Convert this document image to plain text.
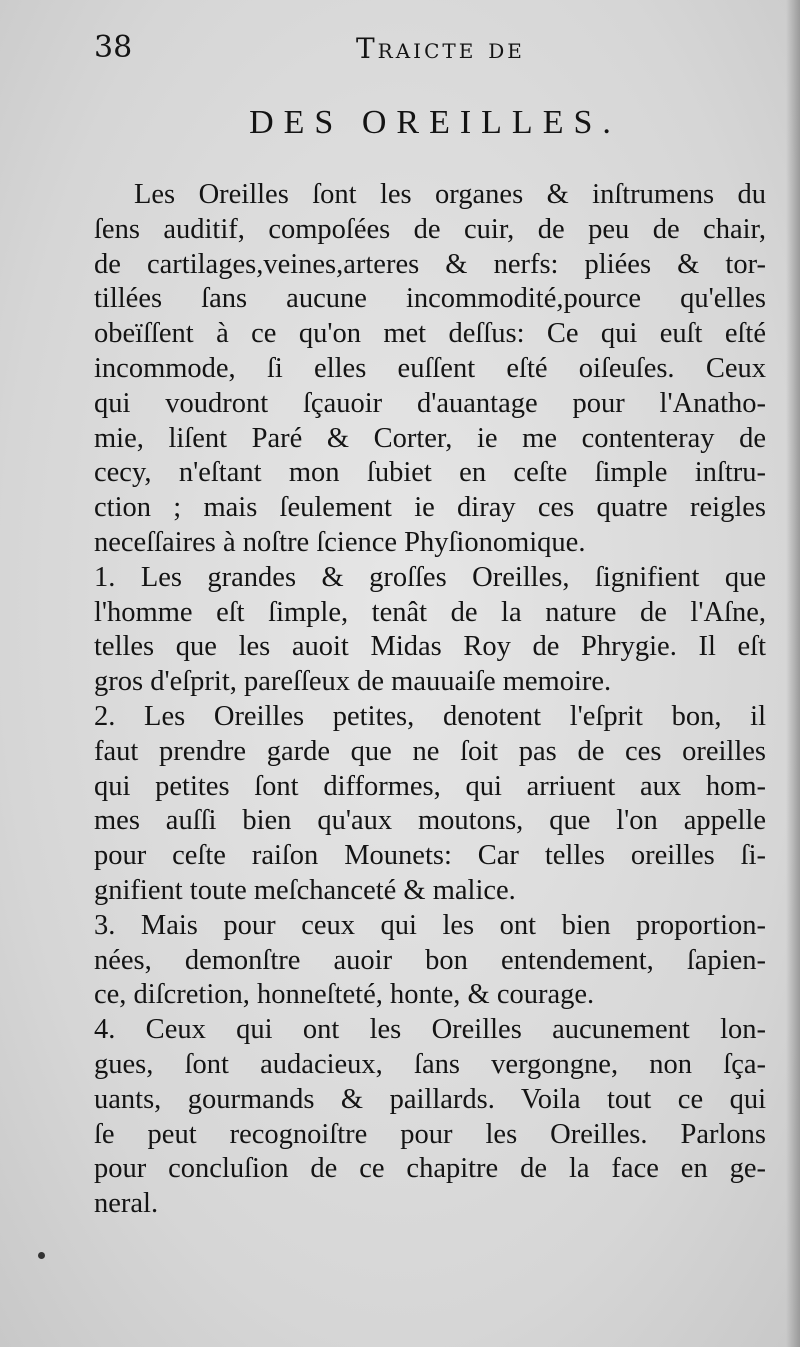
38	Traicte de
DES OREILLES.
Les Oreilles ſont les organes & inſtrumens du
ſens auditif, compoſées de cuir, de peu de chair,
de cartilages,veines,arteres & nerfs: pliées & tor-
tillées ſans aucune incommodité,pource qu'elles
obeïſſent à ce qu'on met deſſus: Ce qui euſt eſté
incommode, ſi elles euſſent eſté oiſeuſes. Ceux
qui voudront ſçauoir d'auantage pour l'Anatho-
mie, liſent Paré & Corter, ie me contenteray de
cecy, n'eſtant mon ſubiet en ceſte ſimple inſtru-
ction ; mais ſeulement ie diray ces quatre reigles
neceſſaires à noſtre ſcience Phyſionomique.
1. Les grandes & groſſes Oreilles, ſignifient que
l'homme eſt ſimple, tenât de la nature de l'Aſne,
telles que les auoit Midas Roy de Phrygie. Il eſt
gros d'eſprit, pareſſeux de mauuaiſe memoire.
2. Les Oreilles petites, denotent l'eſprit bon, il
faut prendre garde que ne ſoit pas de ces oreilles
qui petites ſont difformes, qui arriuent aux hom-
mes auſſi bien qu'aux moutons, que l'on appelle
pour ceſte raiſon Mounets: Car telles oreilles ſi-
gnifient toute meſchanceté & malice.
3. Mais pour ceux qui les ont bien proportion-
nées, demonſtre auoir bon entendement, ſapien-
ce, diſcretion, honneſteté, honte, & courage.
4. Ceux qui ont les Oreilles aucunement lon-
gues, ſont audacieux, ſans vergongne, non ſça-
uants, gourmands & paillards. Voila tout ce qui
ſe peut recognoiſtre pour les Oreilles. Parlons
pour concluſion de ce chapitre de la face en ge-
neral.
